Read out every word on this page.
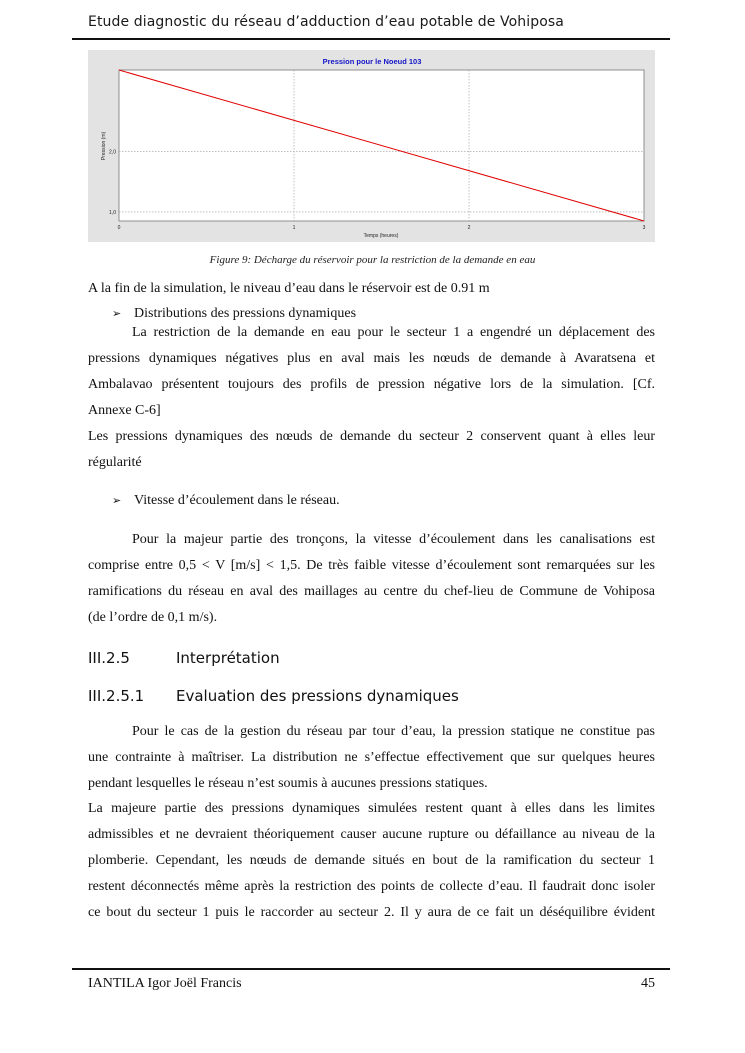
Etude diagnostic du réseau d’adduction d’eau potable de Vohiposa
Pression pour le Noeud 103
0	1	2	3
1,0
2,0
Temps (heures)
Pression (m)
Figure 9: Décharge du réservoir pour la restriction de la demande en eau
A la fin de la simulation, le niveau d’eau dans le réservoir est de 0.91 m
➢ Distributions des pressions dynamiques
La restriction de la demande en eau pour le secteur 1 a engendré un déplacement des
pressions dynamiques négatives plus en aval mais les nœuds de demande à Avaratsena et
Ambalavao présentent toujours des profils de pression négative lors de la simulation. [Cf.
Annexe C-6]
Les pressions dynamiques des nœuds de demande du secteur 2 conservent quant à elles leur
régularité
➢ Vitesse d’écoulement dans le réseau.
Pour la majeur partie des tronçons, la vitesse d’écoulement dans les canalisations est
comprise entre 0,5 < V [m/s] < 1,5. De très faible vitesse d’écoulement sont remarquées sur les
ramifications du réseau en aval des maillages au centre du chef-lieu de Commune de Vohiposa
(de l’ordre de 0,1 m/s).
III.2.5	Interprétation
III.2.5.1 Evaluation des pressions dynamiques
Pour le cas de la gestion du réseau par tour d’eau, la pression statique ne constitue pas
une contrainte à maîtriser. La distribution ne s’effectue effectivement que sur quelques heures
pendant lesquelles le réseau n’est soumis à aucunes pressions statiques.
La majeure partie des pressions dynamiques simulées restent quant à elles dans les limites
admissibles et ne devraient théoriquement causer aucune rupture ou défaillance au niveau de la
plomberie. Cependant, les nœuds de demande situés en bout de la ramification du secteur 1
restent déconnectés même après la restriction des points de collecte d’eau. Il faudrait donc isoler
ce bout du secteur 1 puis le raccorder au secteur 2. Il y aura de ce fait un déséquilibre évident
IANTILA Igor Joël Francis	45
